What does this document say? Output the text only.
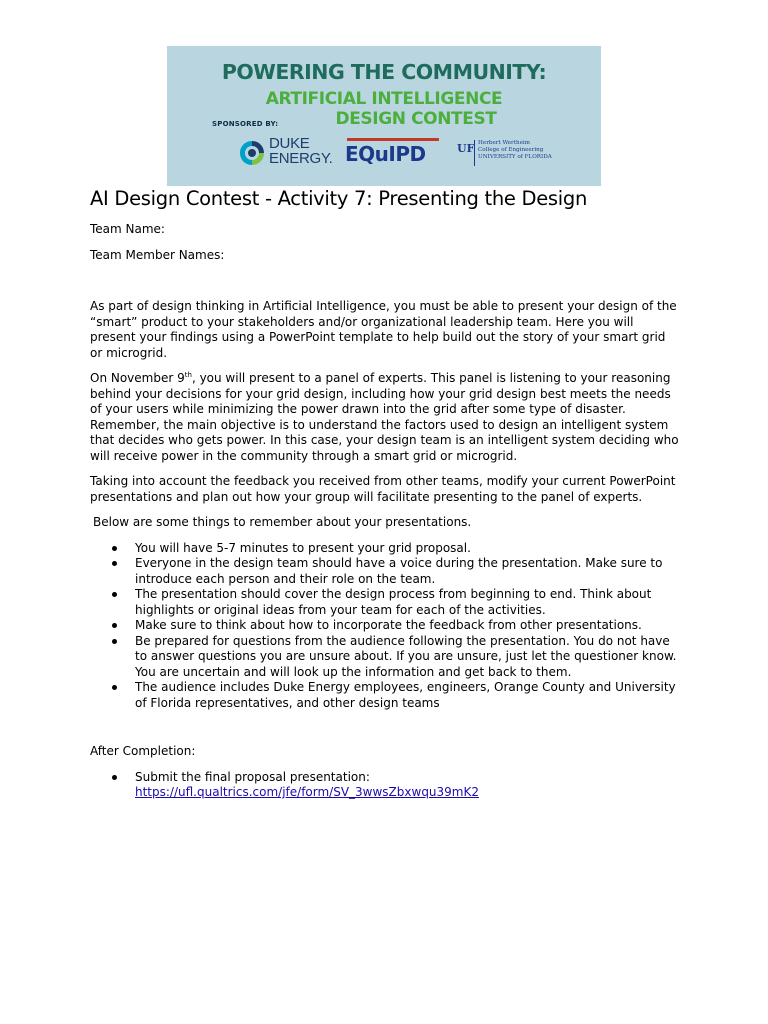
POWERING THE COMMUNITY:
ARTIFICIAL INTELLIGENCE
DESIGN CONTEST
SPONSORED BY:
DUKE
ENERGY. EQuIPD	UF Herbert Wertheim
College of Engineering
UNIVERSITY of FLORIDA
AI Design Contest - Activity 7: Presenting the Design

Team Name:

Team Member Names:

As part of design thinking in Artificial Intelligence, you must be able to present your design of the “smart” product to your stakeholders and/or organizational leadership team. Here you will present your findings using a PowerPoint template to help build out the story of your smart grid or microgrid.

On November 9th, you will present to a panel of experts. This panel is listening to your reasoning behind your decisions for your grid design, including how your grid design best meets the needs of your users while minimizing the power drawn into the grid after some type of disaster. Remember, the main objective is to understand the factors used to design an intelligent system that decides who gets power. In this case, your design team is an intelligent system deciding who will receive power in the community through a smart grid or microgrid.

Taking into account the feedback you received from other teams, modify your current PowerPoint presentations and plan out how your group will facilitate presenting to the panel of experts.

Below are some things to remember about your presentations.

You will have 5-7 minutes to present your grid proposal.
Everyone in the design team should have a voice during the presentation. Make sure to introduce each person and their role on the team.
The presentation should cover the design process from beginning to end. Think about highlights or original ideas from your team for each of the activities.
Make sure to think about how to incorporate the feedback from other presentations.
Be prepared for questions from the audience following the presentation. You do not have to answer questions you are unsure about. If you are unsure, just let the questioner know. You are uncertain and will look up the information and get back to them.
The audience includes Duke Energy employees, engineers, Orange County and University of Florida representatives, and other design teams

After Completion:

Submit the final proposal presentation:
https://ufl.qualtrics.com/jfe/form/SV_3wwsZbxwqu39mK2
